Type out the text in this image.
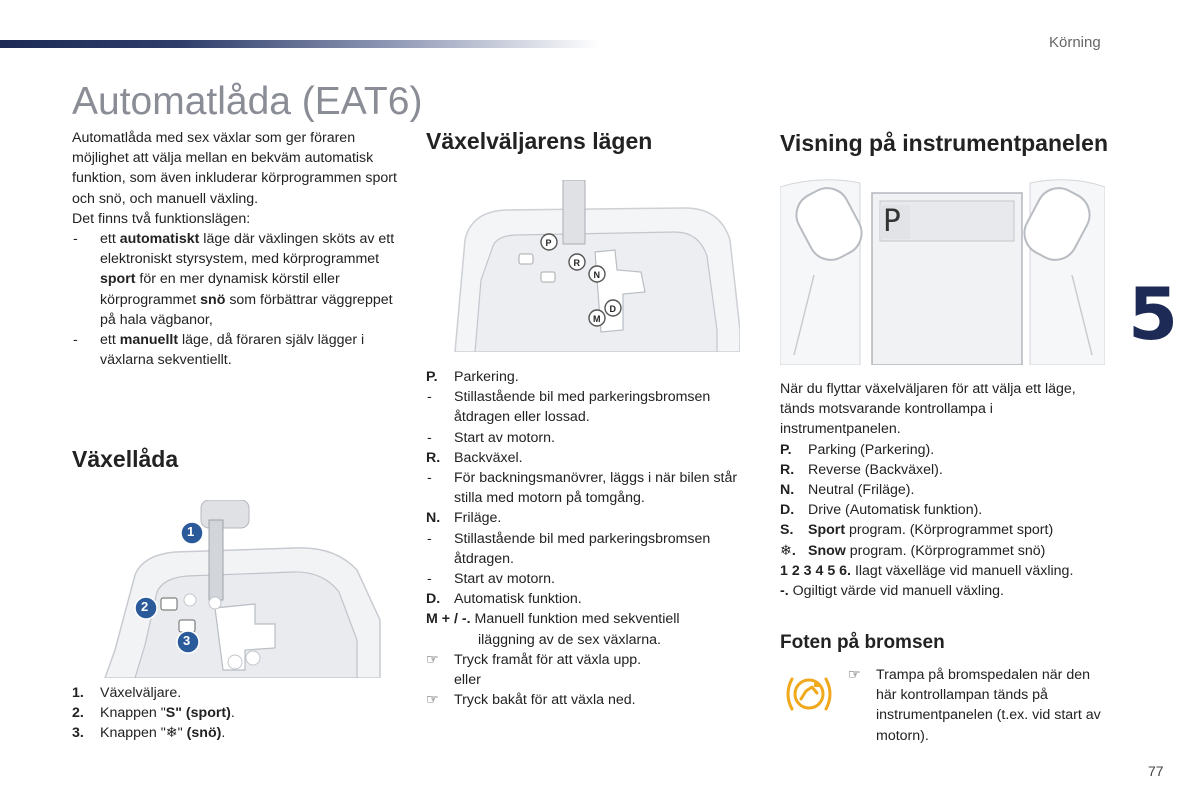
Körning
5
77
Automatlåda (EAT6)

Automatlåda med sex växlar som ger föraren möjlighet att välja mellan en bekväm automatisk funktion, som även inkluderar körprogrammen sport och snö, och manuell växling.

Det finns två funktionslägen:

- ett automatiskt läge där växlingen sköts av ett elektroniskt styrsystem, med körprogrammet sport för en mer dynamisk körstil eller körprogrammet snö som förbättrar väggreppet på hala vägbanor,
- ett manuellt läge, då föraren själv lägger i växlarna sekventiellt.
Växellåda
1
2
3
1. Växelväljare.
2. Knappen "S" (sport).
3. Knappen "❄" (snö).
Växelväljarens lägen
P
R
N
D
M
P. Parkering.
- Stillastående bil med parkeringsbromsen åtdragen eller lossad.
- Start av motorn.
R. Backväxel.
- För backningsmanövrer, läggs i när bilen står stilla med motorn på tomgång.
N. Friläge.
- Stillastående bil med parkeringsbromsen åtdragen.
- Start av motorn.
D. Automatisk funktion.

M + / -. Manuell funktion med sekventiell

iläggning av de sex växlarna.

☞ Tryck framåt för att växla upp.

eller

☞ Tryck bakåt för att växla ned.
Visning på instrumentpanelen
P

När du flyttar växelväljaren för att välja ett läge, tänds motsvarande kontrollampa i instrumentpanelen.

P. Parking (Parkering).
R. Reverse (Backväxel).
N. Neutral (Friläge).
D. Drive (Automatisk funktion).
S. Sport program. (Körprogrammet sport)
❄. Snow program. (Körprogrammet snö)

1 2 3 4 5 6. Ilagt växelläge vid manuell växling.

-. Ogiltigt värde vid manuell växling.

Foten på bromsen
☞ Trampa på bromspedalen när den här kontrollampan tänds på instrumentpanelen (t.ex. vid start av motorn).
